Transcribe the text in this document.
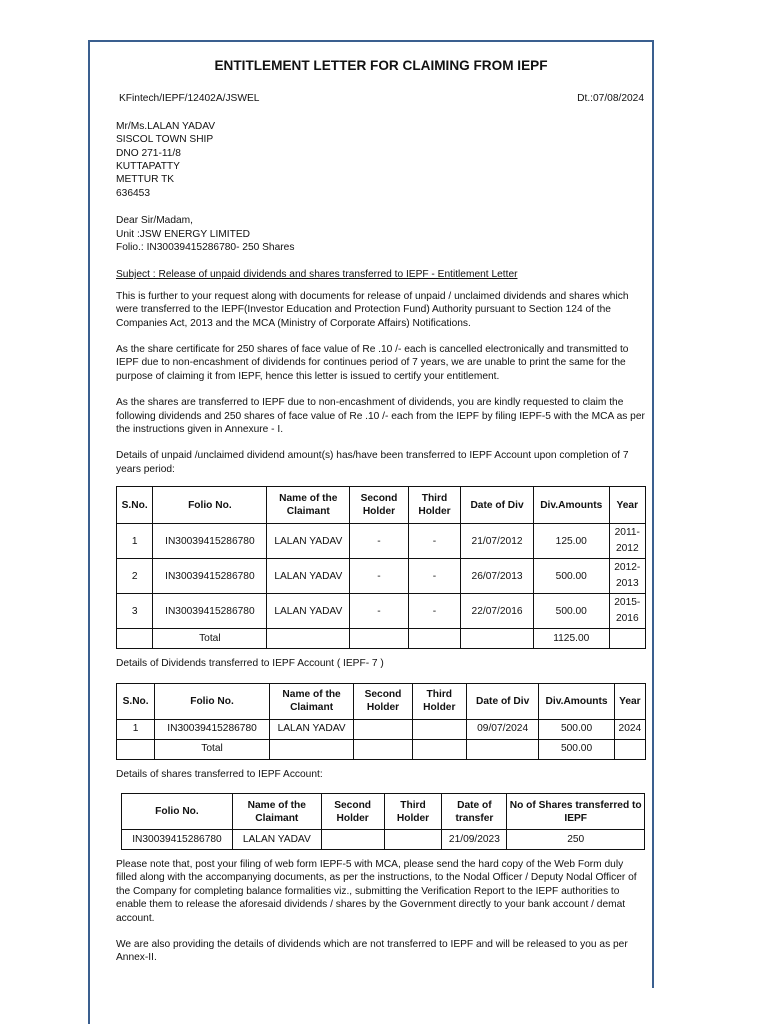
ENTITLEMENT LETTER FOR CLAIMING FROM IEPF
KFintech/IEPF/12402A/JSWEL	Dt.:07/08/2024
Mr/Ms.LALAN YADAV
SISCOL TOWN SHIP
DNO 271-11/8
KUTTAPATTY
METTUR TK
636453
Dear Sir/Madam,
Unit :JSW ENERGY LIMITED
Folio.: IN30039415286780- 250 Shares
Subject : Release of unpaid dividends and shares transferred to IEPF - Entitlement Letter

This is further to your request along with documents for release of unpaid / unclaimed dividends and shares which were transferred to the IEPF(Investor Education and Protection Fund) Authority pursuant to Section 124 of the Companies Act, 2013 and the MCA (Ministry of Corporate Affairs) Notifications.

As the share certificate for 250 shares of face value of Re .10 /- each is cancelled electronically and transmitted to IEPF due to non-encashment of dividends for continues period of 7 years, we are unable to print the same for the purpose of claiming it from IEPF, hence this letter is issued to certify your entitlement.

As the shares are transferred to IEPF due to non-encashment of dividends, you are kindly requested to claim the following dividends and 250 shares of face value of Re .10 /- each from the IEPF by filing IEPF-5 with the MCA as per the instructions given in Annexure - I.

Details of unpaid /unclaimed dividend amount(s) has/have been transferred to IEPF Account upon completion of 7 years period:

S.No.	Folio No.	Name of the Claimant	Second Holder	Third Holder	Date of Div	Div.Amounts	Year
1	IN30039415286780	LALAN YADAV	-	-	21/07/2012	125.00	2011-
2012
2	IN30039415286780	LALAN YADAV	-	-	26/07/2013	500.00	2012-
2013
3	IN30039415286780	LALAN YADAV	-	-	22/07/2016	500.00	2015-
2016
	Total					1125.00	
Details of Dividends transferred to IEPF Account ( IEPF- 7 )
S.No.	Folio No.	Name of the Claimant	Second Holder	Third Holder	Date of Div	Div.Amounts	Year
1	IN30039415286780	LALAN YADAV			09/07/2024	500.00	2024
	Total					500.00	
Details of shares transferred to IEPF Account:
Folio No.	Name of the Claimant	Second Holder	Third Holder	Date of transfer	No of Shares transferred to IEPF
IN30039415286780	LALAN YADAV			21/09/2023	250

Please note that, post your filing of web form IEPF-5 with MCA, please send the hard copy of the Web Form duly filled along with the accompanying documents, as per the instructions, to the Nodal Officer / Deputy Nodal Officer of the Company for completing balance formalities viz., submitting the Verification Report to the IEPF authorities to enable them to release the aforesaid dividends / shares by the Government directly to your bank account / demat account.

We are also providing the details of dividends which are not transferred to IEPF and will be released to you as per Annex-II.
